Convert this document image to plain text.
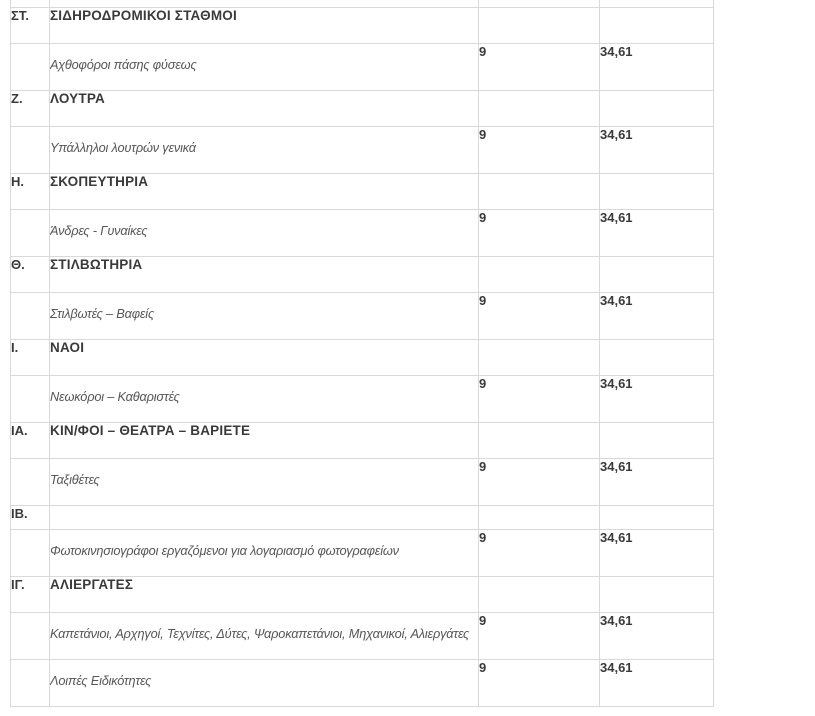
ΣΤ.	ΣΙΔΗΡΟΔΡΟΜΙΚΟΙ ΣΤΑΘΜΟΙ		
	Αχθοφόροι πάσης φύσεως	9	34,61
Ζ.	ΛΟΥΤΡΑ		
	Υπάλληλοι λουτρών γενικά	9	34,61
Η.	ΣΚΟΠΕΥΤΗΡΙΑ		
	Άνδρες - Γυναίκες	9	34,61
Θ.	ΣΤΙΛΒΩΤΗΡΙΑ		
	Στιλβωτές – Βαφείς	9	34,61
Ι.	ΝΑΟΙ		
	Νεωκόροι – Καθαριστές	9	34,61
ΙΑ.	ΚΙΝ/ΦΟΙ – ΘΕΑΤΡΑ – ΒΑΡΙΕΤΕ		
	Ταξιθέτες	9	34,61
ΙΒ.			
	Φωτοκινησιογράφοι εργαζόμενοι για λογαριασμό φωτογραφείων	9	34,61
ΙΓ.	ΑΛΙΕΡΓΑΤΕΣ		
	Καπετάνιοι, Αρχηγοί, Τεχνίτες, Δύτες, Ψαροκαπετάνιοι, Μηχανικοί, Αλιεργάτες	9	34,61
	Λοιπές Ειδικότητες	9	34,61
